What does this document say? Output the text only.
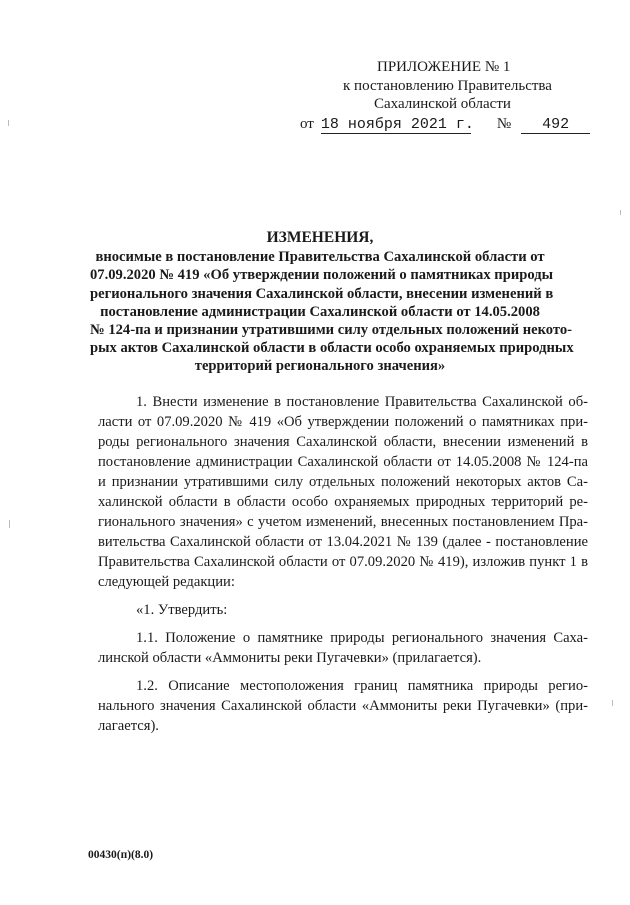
ПРИЛОЖЕНИЕ № 1
к постановлению Правительства
Сахалинской области
от 18 ноября 2021 г. №	492
ИЗМЕНЕНИЯ,
вносимые в постановление Правительства Сахалинской области от
07.09.2020 № 419 «Об утверждении положений о памятниках природы
регионального значения Сахалинской области, внесении изменений в
постановление администрации Сахалинской области от 14.05.2008
№ 124-па и признании утратившими силу отдельных положений некото-
рых актов Сахалинской области в области особо охраняемых природных
территорий регионального значения»
1. Внести изменение в постановление Правительства Сахалинской об-
ласти от 07.09.2020 № 419 «Об утверждении положений о памятниках при-
роды регионального значения Сахалинской области, внесении изменений в
постановление администрации Сахалинской области от 14.05.2008 № 124-па
и признании утратившими силу отдельных положений некоторых актов Са-
халинской области в области особо охраняемых природных территорий ре-
гионального значения» с учетом изменений, внесенных постановлением Пра-
вительства Сахалинской области от 13.04.2021 № 139 (далее - постановление
Правительства Сахалинской области от 07.09.2020 № 419), изложив пункт 1 в
следующей редакции:
«1. Утвердить:
1.1. Положение о памятнике природы регионального значения Саха-
линской области «Аммониты реки Пугачевки» (прилагается).
1.2. Описание местоположения границ памятника природы регио-
нального значения Сахалинской области «Аммониты реки Пугачевки» (при-
лагается).
00430(п)(8.0)
